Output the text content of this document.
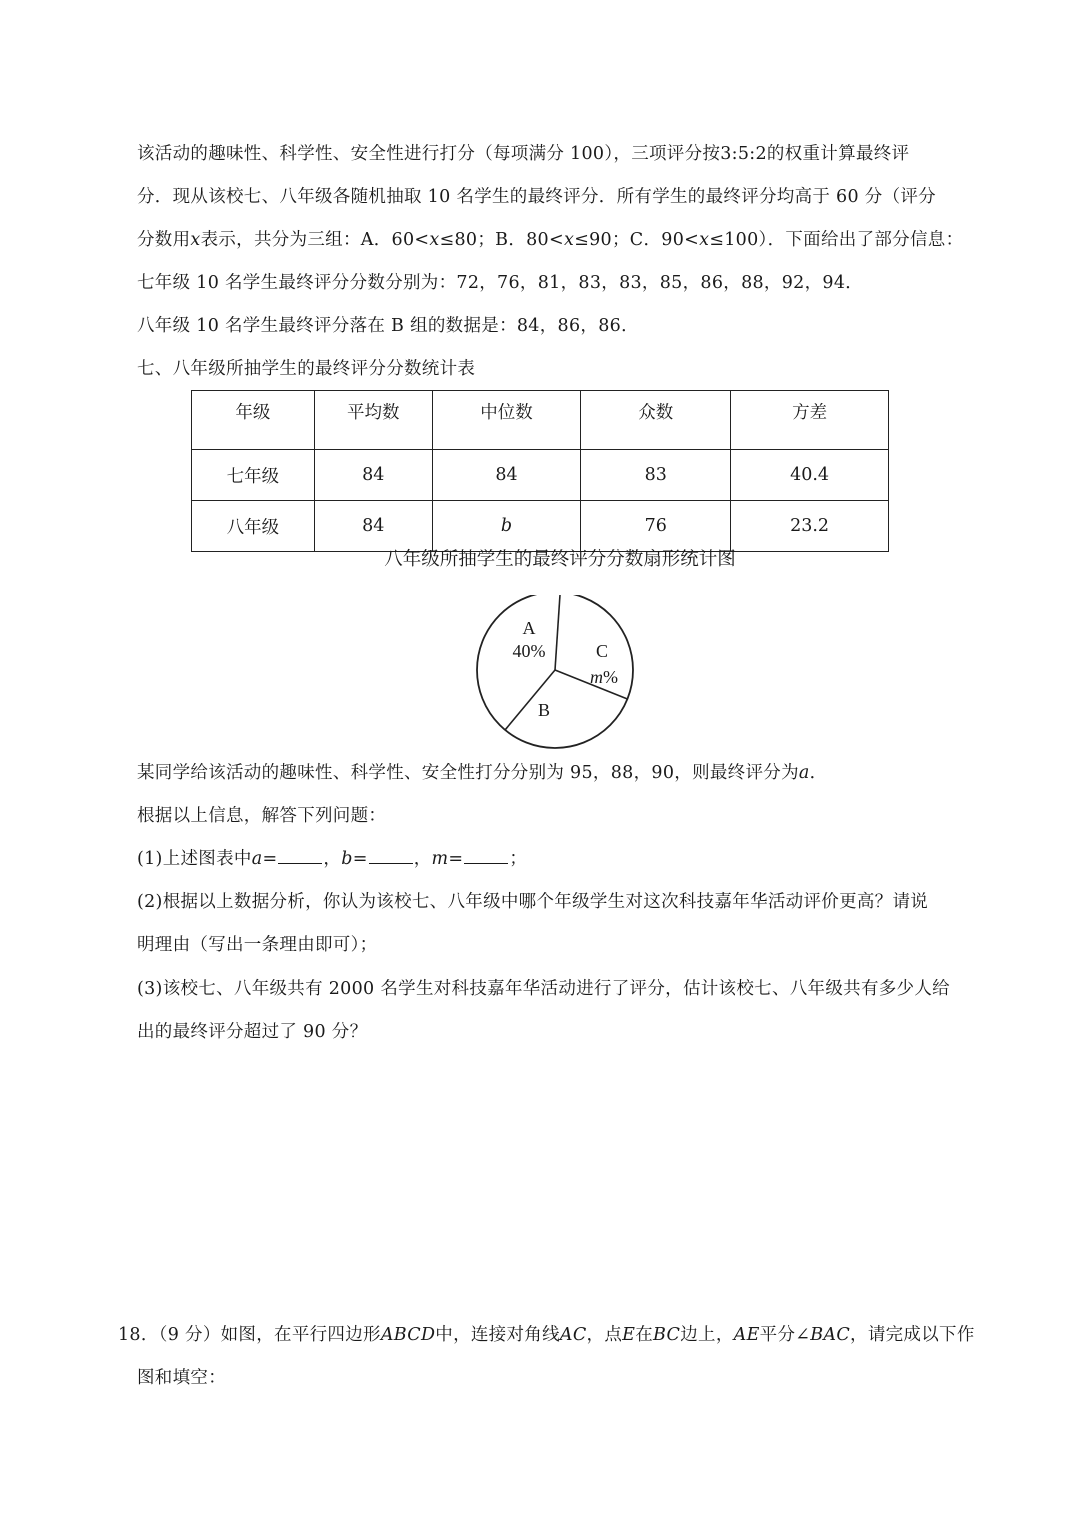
该活动的趣味性、科学性、安全性进行打分（每项满分 100），三项评分按3:5:2的权重计算最终评
分．现从该校七、八年级各随机抽取 10 名学生的最终评分．所有学生的最终评分均高于 60 分（评分
分数用x表示，共分为三组：A．60<x≤80；B．80<x≤90；C．90<x≤100）．下面给出了部分信息：
七年级 10 名学生最终评分分数分别为：72，76，81，83，83，85，86，88，92，94．
八年级 10 名学生最终评分落在 B 组的数据是：84，86，86．
七、八年级所抽学生的最终评分分数统计表
年级	平均数	中位数	众数	方差
七年级	84	84	83	40.4
八年级	84	b	76	23.2
八年级所抽学生的最终评分分数扇形统计图
A
40%
B
C
m%
某同学给该活动的趣味性、科学性、安全性打分分别为 95，88，90，则最终评分为a．
根据以上信息，解答下列问题：
(1)上述图表中a=	，b=	，m=	；
(2)根据以上数据分析，你认为该校七、八年级中哪个年级学生对这次科技嘉年华活动评价更高？请说
明理由（写出一条理由即可）；
(3)该校七、八年级共有 2000 名学生对科技嘉年华活动进行了评分，估计该校七、八年级共有多少人给
出的最终评分超过了 90 分？
18．（9 分）如图，在平行四边形ABCD中，连接对角线AC，点E在BC边上，AE平分∠BAC，请完成以下作
图和填空：
